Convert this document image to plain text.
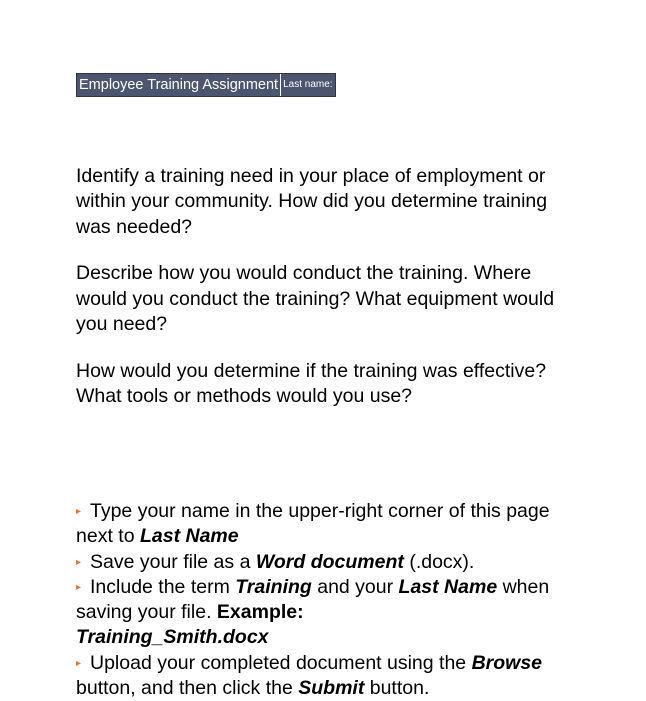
Employee Training Assignment Last name:

Identify a training need in your place of employment or within your community. How did you determine training was needed?

Describe how you would conduct the training. Where would you conduct the training? What equipment would you need?

How would you determine if the training was effective? What tools or methods would you use?

▸ Type your name in the upper-right corner of this page next to Last Name
▸ Save your file as a Word document (.docx).
▸ Include the term Training and your Last Name when saving your file. Example:
Training_Smith.docx
▸ Upload your completed document using the Browse button, and then click the Submit button.
